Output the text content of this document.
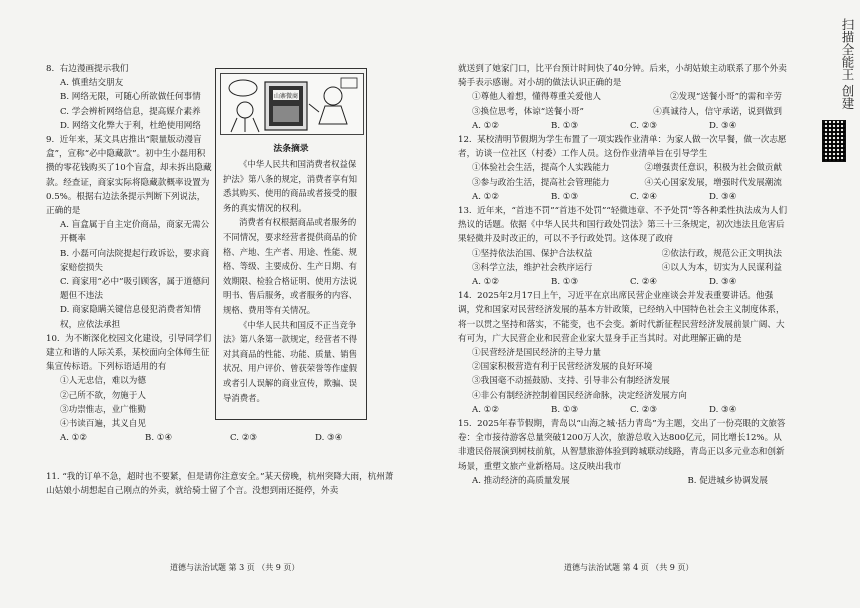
8.  右边漫画提示我们

A. 慎重结交朋友
B. 网络无限，可随心所欲做任何事情
C. 学会辨析网络信息，提高媒介素养
D. 网络文化弊大于利，杜绝使用网络

9.  近年来，某文具店推出“限量版动漫盲盒”，宣称“必中隐藏款”。初中生小磊用积攒的零花钱购买了10个盲盒，却未拆出隐藏款。经查证，商家实际将隐藏款概率设置为0.5%。根据右边法条提示判断下列说法，正确的是

A. 盲盒属于自主定价商品，商家无需公开概率
B. 小磊可向法院提起行政诉讼，要求商家赔偿损失
C. 商家用“必中”吸引顾客，属于道德问题但不违法
D. 商家隐瞒关键信息侵犯消费者知情权，应依法承担

10.  为不断深化校园文化建设，引导同学们建立和谐的人际关系，某校面向全体师生征集宣传标语。下列标语适用的有

①人无忠信，难以为德
②己所不欲，勿施于人
③功崇惟志，业广惟勤
④书读百遍，其义自见
A. ①②	B. ①④	C. ②③	D. ③④
山寨微商
法条摘录

《中华人民共和国消费者权益保护法》第八条的规定，消费者享有知悉其购买、使用的商品或者接受的服务的真实情况的权利。

消费者有权根据商品或者服务的不同情况，要求经营者提供商品的价格、产地、生产者、用途、性能、规格、等级、主要成份、生产日期、有效期限、检验合格证明、使用方法说明书、售后服务，或者服务的内容、规格、费用等有关情况。

《中华人民共和国反不正当竞争法》第八条第一款规定，经营者不得对其商品的性能、功能、质量、销售状况、用户评价、曾获荣誉等作虚假或者引人误解的商业宣传，欺骗、误导消费者。

11. “我的订单不急，超时也不要紧，但是请你注意安全。”某天傍晚，杭州突降大雨，杭州萧山姑娘小胡想起自己刚点的外卖，就给骑士留了个言。没想到雨还挺停，外卖
道德与法治试题 第 3 页 （共 9 页）

就送到了她家门口，比平台预计时间快了40分钟。后来，小胡姑娘主动联系了那个外卖骑手表示感谢。对小胡的做法认识正确的是

①尊他人着想，懂得尊重关爱他人	②发现“送餐小哥”的需和辛劳
③换位思考，体谅“送餐小哥”	④真诚待人，信守承诺，说到做到
A. ①②	B. ①③	C. ②③	D. ③④

12.  某校清明节假期为学生布置了一项实践作业清单：为家人做一次早餐，做一次志愿者，访谈一位社区（村委）工作人员。这份作业清单旨在引导学生

①体验社会生活，提高个人实践能力	②增强责任意识，积极为社会做贡献
③参与政治生活，提高社会管理能力	④关心国家发展，增强时代发展潮流
A. ①②	B. ①③	C. ②④	D. ③④

13.  近年来，“首违不罚”“首违不处罚”“轻微违章、不予处罚”等各种柔性执法成为人们热议的话题。依据《中华人民共和国行政处罚法》第三十三条规定，初次违法且危害后果轻微并及时改正的，可以不予行政处罚。这体现了政府

①坚持依法治国、保护合法权益	②依法行政，规范公正文明执法
③科学立法，维护社会秩序运行	④以人为本，切实为人民谋利益
A. ①②	B. ①③	C. ②④	D. ③④

14.  2025年2月17日上午，习近平在京出席民营企业座谈会并发表重要讲话。他强调，党和国家对民营经济发展的基本方针政策，已经纳入中国特色社会主义制度体系，将一以贯之坚持和落实，不能变，也不会变。新时代新征程民营经济发展前景广阔、大有可为，广大民营企业和民营企业家大显身手正当其时。对此理解正确的是

①民营经济是国民经济的主导力量
②国家积极营造有利于民营经济发展的良好环境
③我国毫不动摇鼓励、支持、引导非公有制经济发展
④非公有制经济控制着国民经济命脉，决定经济发展方向
A. ①②	B. ①③	C. ②③	D. ③④

15.  2025年春节假期，青岛以“山海之城·括力青岛”为主题，交出了一份亮眼的文旅答卷：全市接待游客总量突破1200万人次，旅游总收入达800亿元，同比增长12%。从非遗民俗展演到树枝前航，从智慧旅游体验到跨城联动线路，青岛正以多元业态和创新场景，重塑文旅产业新格局。这反映出我市

A. 推动经济的高质量发展	B. 促进城乡协调发展
道德与法治试题 第 4 页 （共 9 页）
扫描全能王 创建
